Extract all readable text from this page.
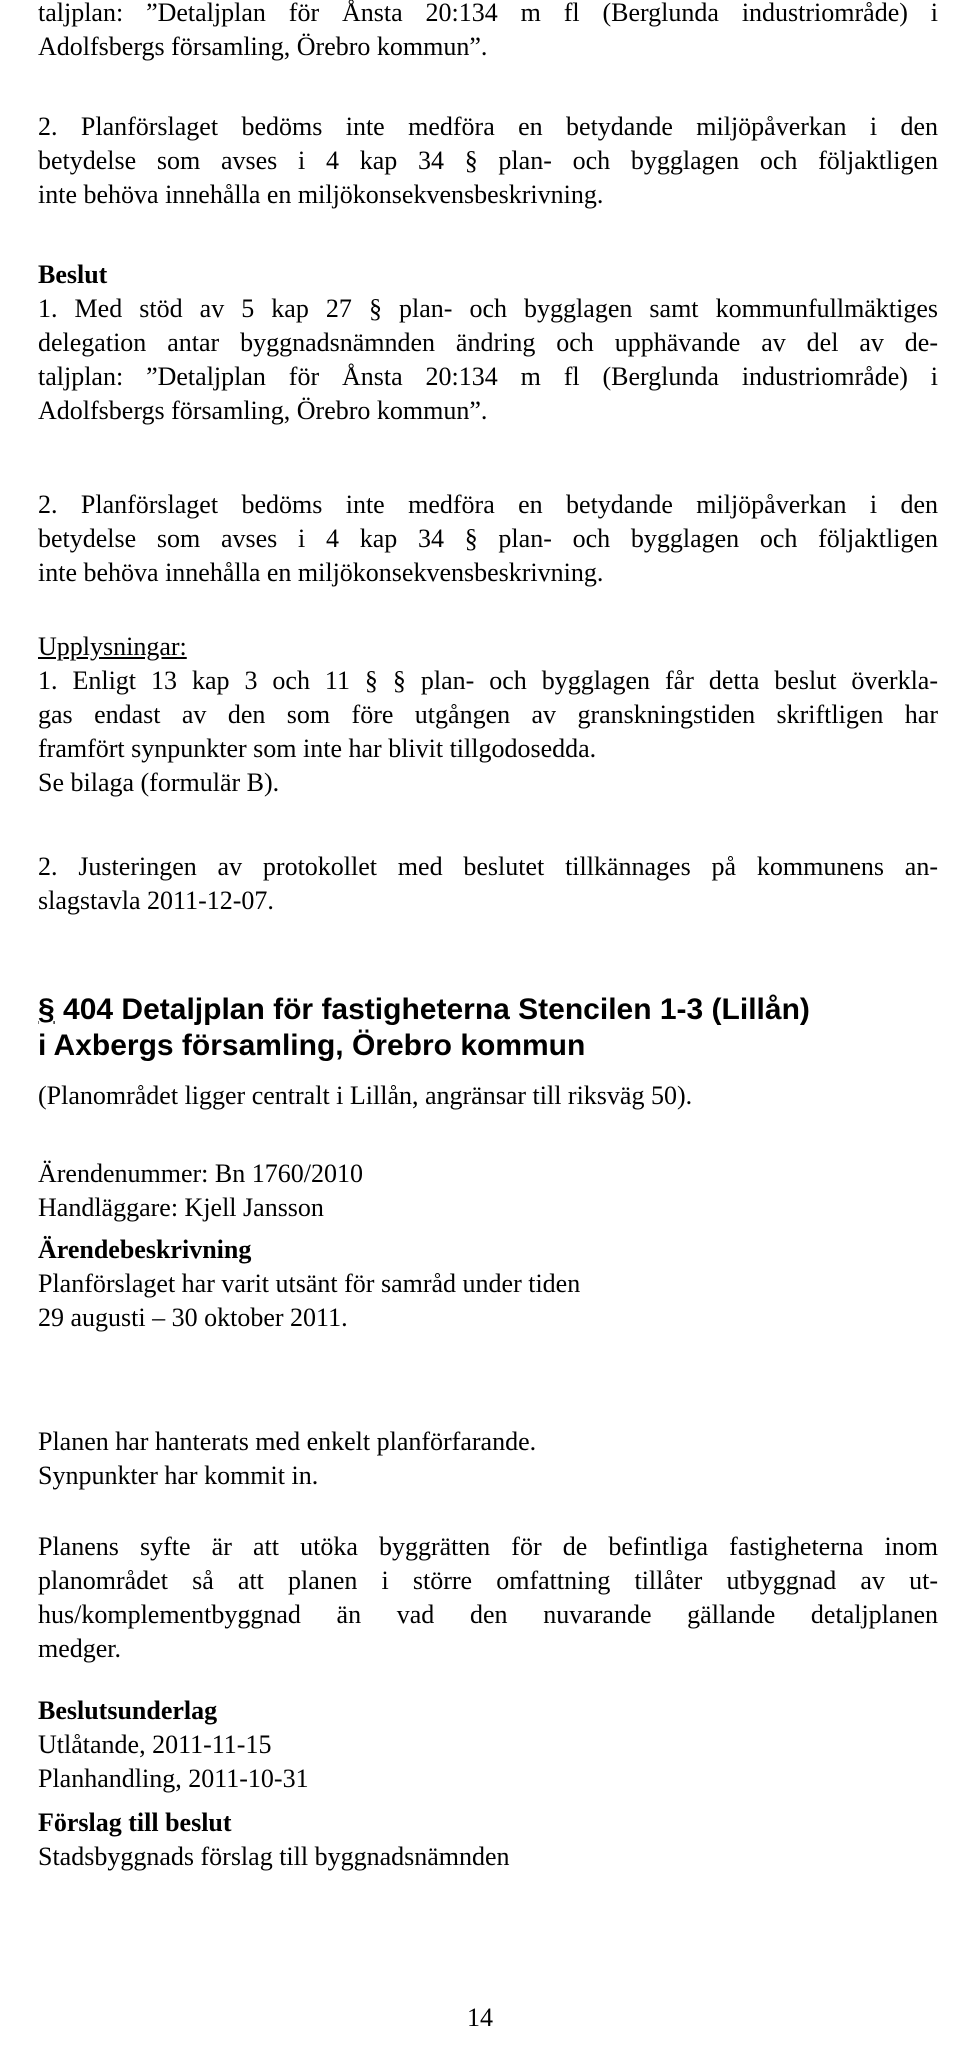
taljplan: ”Detaljplan för Ånsta 20:134 m fl (Berglunda industriområde) i
Adolfsbergs församling, Örebro kommun”.
2. Planförslaget bedöms inte medföra en betydande miljöpåverkan i den
betydelse som avses i 4 kap 34 § plan- och bygglagen och följaktligen
inte behöva innehålla en miljökonsekvensbeskrivning.
Beslut
1. Med stöd av 5 kap 27 § plan- och bygglagen samt kommunfullmäktiges
delegation antar byggnadsnämnden ändring och upphävande av del av de-
taljplan: ”Detaljplan för Ånsta 20:134 m fl (Berglunda industriområde) i
Adolfsbergs församling, Örebro kommun”.
2. Planförslaget bedöms inte medföra en betydande miljöpåverkan i den
betydelse som avses i 4 kap 34 § plan- och bygglagen och följaktligen
inte behöva innehålla en miljökonsekvensbeskrivning.
Upplysningar:
1. Enligt 13 kap 3 och 11 § § plan- och bygglagen får detta beslut överkla-
gas endast av den som före utgången av granskningstiden skriftligen har
framfört synpunkter som inte har blivit tillgodosedda.
Se bilaga (formulär B).
2. Justeringen av protokollet med beslutet tillkännages på kommunens an-
slagstavla 2011-12-07.
§ 404 Detaljplan för fastigheterna Stencilen 1-3 (Lillån)
i Axbergs församling, Örebro kommun
(Planområdet ligger centralt i Lillån, angränsar till riksväg 50).
Ärendenummer: Bn 1760/2010
Handläggare: Kjell Jansson
Ärendebeskrivning
Planförslaget har varit utsänt för samråd under tiden
29 augusti – 30 oktober 2011.
Planen har hanterats med enkelt planförfarande.
Synpunkter har kommit in.
Planens syfte är att utöka byggrätten för de befintliga fastigheterna inom
planområdet så att planen i större omfattning tillåter utbyggnad av ut-
hus/komplementbyggnad än vad den nuvarande gällande detaljplanen
medger.
Beslutsunderlag
Utlåtande, 2011-11-15
Planhandling, 2011-10-31
Förslag till beslut
Stadsbyggnads förslag till byggnadsnämnden
14
